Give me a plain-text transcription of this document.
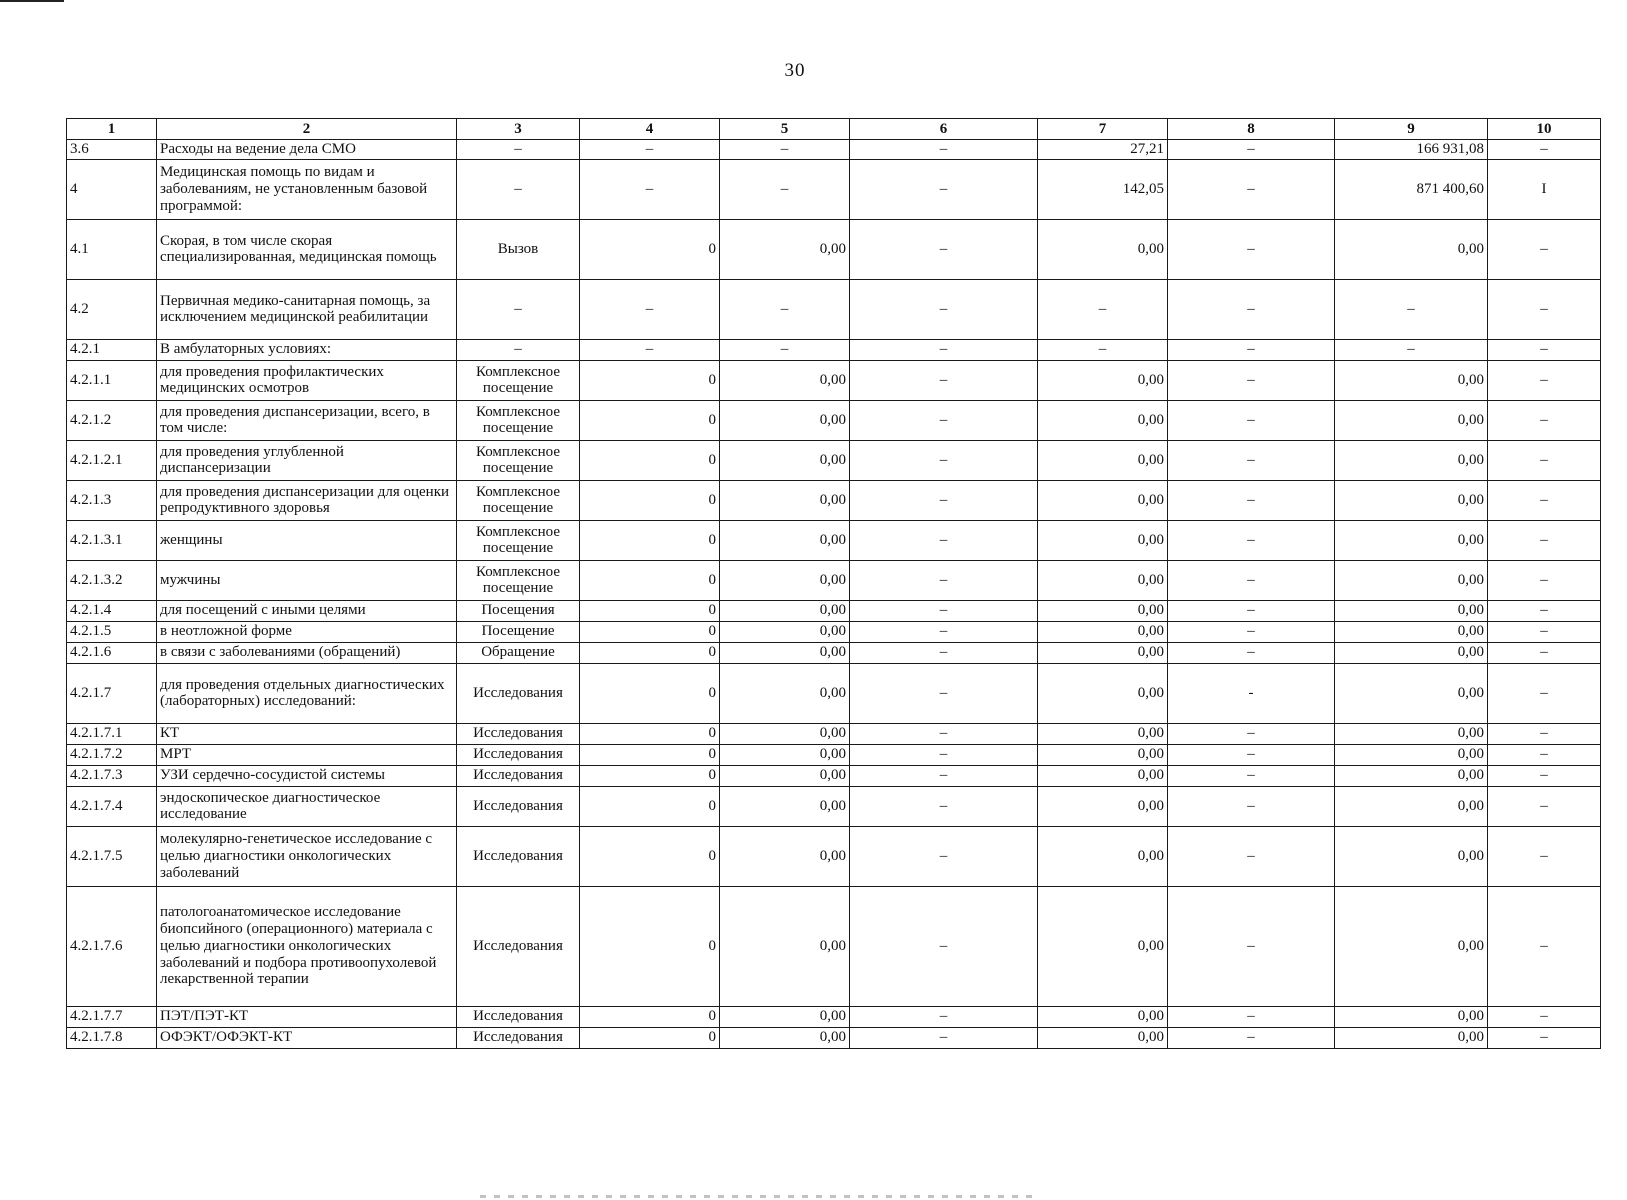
30
1	2	3	4	5	6	7	8	9	10
3.6	Расходы на ведение дела СМО	–	–	–	–	27,21	–	166 931,08	–
4	Медицинская помощь по видам и заболеваниям, не установленным базовой программой:	–	–	–	–	142,05	–	871 400,60	I
4.1	Скорая, в том числе скорая специализированная, медицинская помощь	Вызов	0	0,00	–	0,00	–	0,00	–
4.2	Первичная медико-санитарная помощь, за исключением медицинской реабилитации	–	–	–	–	–	–	–	–
4.2.1	В амбулаторных условиях:	–	–	–	–	–	–	–	–
4.2.1.1	для проведения профилактических медицинских осмотров	Комплексное посещение	0	0,00	–	0,00	–	0,00	–
4.2.1.2	для проведения диспансеризации, всего, в том числе:	Комплексное посещение	0	0,00	–	0,00	–	0,00	–
4.2.1.2.1	для проведения углубленной диспансеризации	Комплексное посещение	0	0,00	–	0,00	–	0,00	–
4.2.1.3	для проведения диспансеризации для оценки репродуктивного здоровья	Комплексное посещение	0	0,00	–	0,00	–	0,00	–
4.2.1.3.1	женщины	Комплексное посещение	0	0,00	–	0,00	–	0,00	–
4.2.1.3.2	мужчины	Комплексное посещение	0	0,00	–	0,00	–	0,00	–
4.2.1.4	для посещений с иными целями	Посещения	0	0,00	–	0,00	–	0,00	–
4.2.1.5	в неотложной форме	Посещение	0	0,00	–	0,00	–	0,00	–
4.2.1.6	в связи с заболеваниями (обращений)	Обращение	0	0,00	–	0,00	–	0,00	–
4.2.1.7	для проведения отдельных диагностических (лабораторных) исследований:	Исследования	0	0,00	–	0,00	-	0,00	–
4.2.1.7.1	КТ	Исследования	0	0,00	–	0,00	–	0,00	–
4.2.1.7.2	МРТ	Исследования	0	0,00	–	0,00	–	0,00	–
4.2.1.7.3	УЗИ сердечно-сосудистой системы	Исследования	0	0,00	–	0,00	–	0,00	–
4.2.1.7.4	эндоскопическое диагностическое исследование	Исследования	0	0,00	–	0,00	–	0,00	–
4.2.1.7.5	молекулярно-генетическое исследование с целью диагностики онкологических заболеваний	Исследования	0	0,00	–	0,00	–	0,00	–
4.2.1.7.6	патологоанатомическое исследование биопсийного (операционного) материала с целью диагностики онкологических заболеваний и подбора противоопухолевой лекарственной терапии	Исследования	0	0,00	–	0,00	–	0,00	–
4.2.1.7.7	ПЭТ/ПЭТ-КТ	Исследования	0	0,00	–	0,00	–	0,00	–
4.2.1.7.8	ОФЭКТ/ОФЭКТ-КТ	Исследования	0	0,00	–	0,00	–	0,00	–
